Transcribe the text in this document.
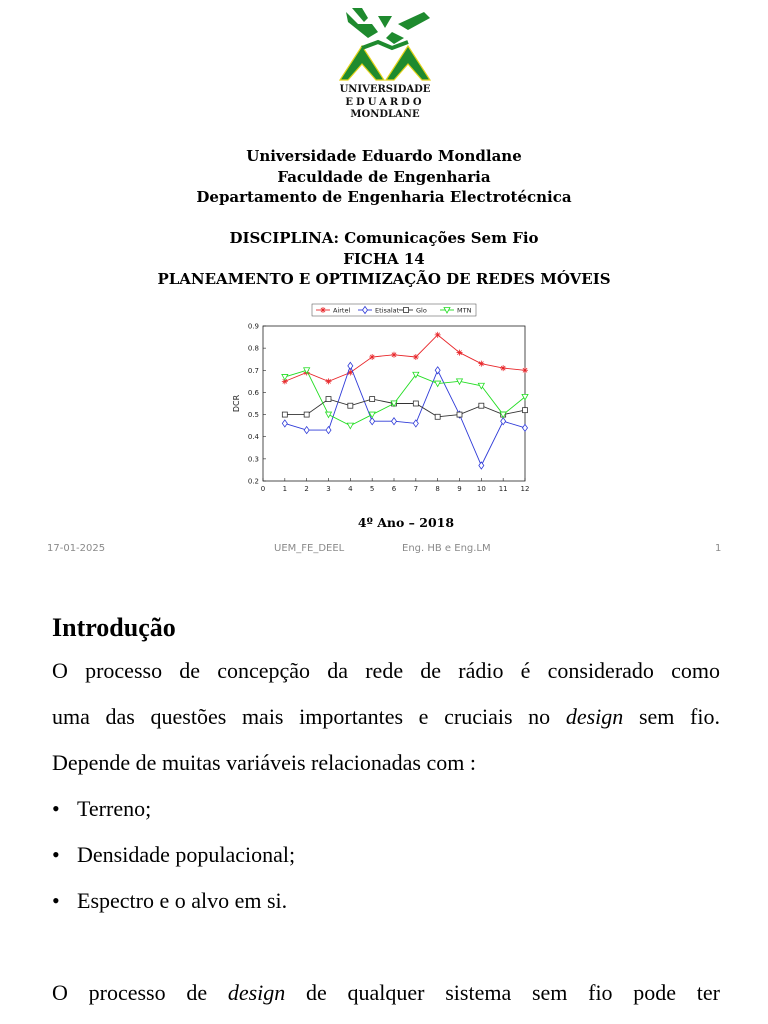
UNIVERSIDADE
EDUARDO
MONDLANE
Universidade Eduardo Mondlane
Faculdade de Engenharia
Departamento de Engenharia Electrotécnica
DISCIPLINA: Comunicações Sem Fio
FICHA 14
PLANEAMENTO E OPTIMIZAÇÃO DE REDES MÓVEIS
0 1 2 3 4 5 6 7 8 9 10 11 12
0.2
0.3
0.4
0.5
0.6
0.7
0.8
0.9
DCR
Airtel	Etisalat	Glo	MTN
4º Ano – 2018
17-01-2025	UEM_FE_DEEL	Eng. HB e Eng.LM	1
Introdução
O processo de concepção da rede de rádio é considerado como
uma das questões mais importantes e cruciais no design sem fio.
Depende de muitas variáveis relacionadas com :
• Terreno;
• Densidade populacional;
• Espectro e o alvo em si.
O processo de design de qualquer sistema sem fio pode ter
